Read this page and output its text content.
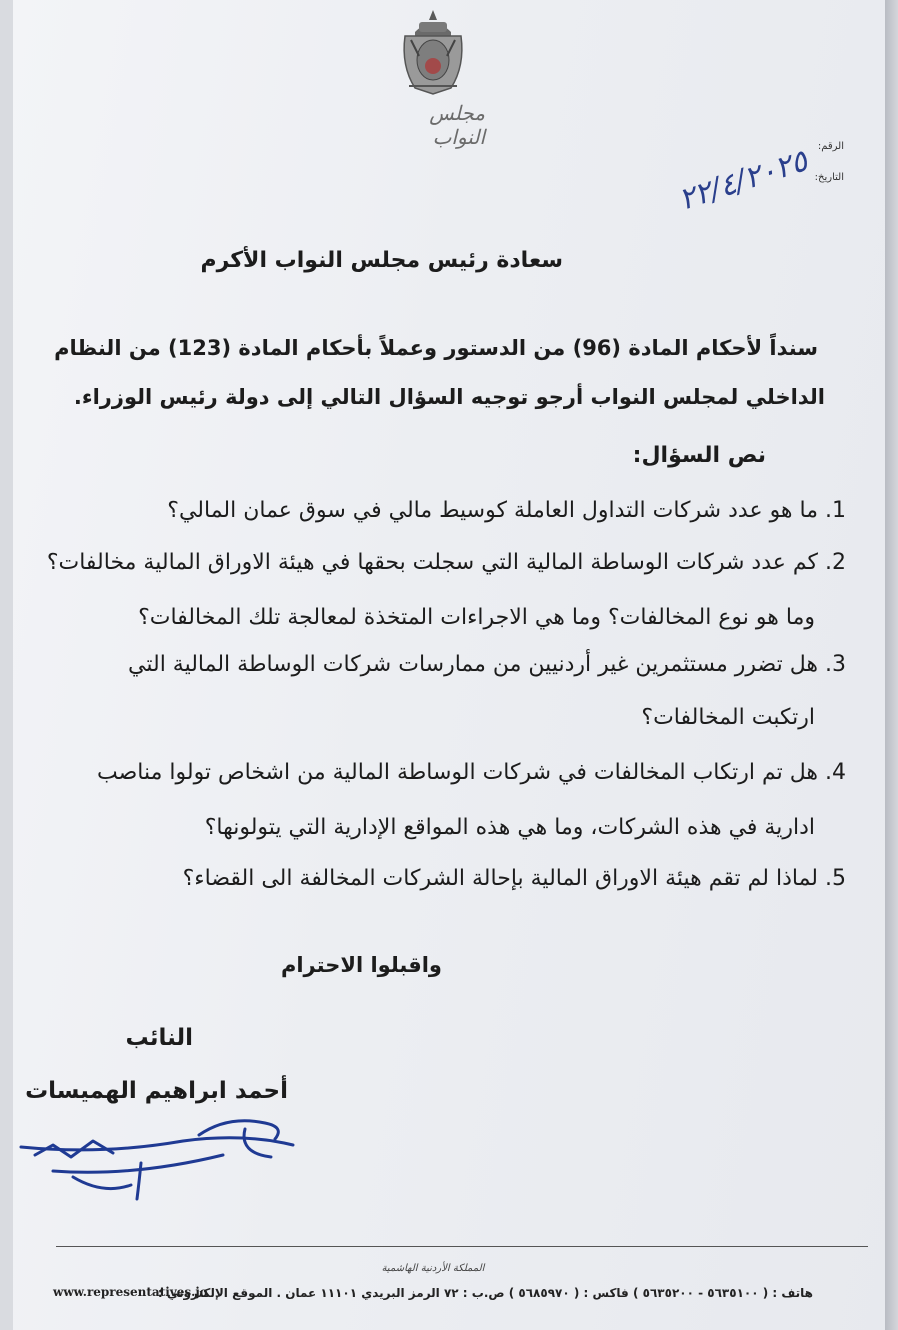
مجلس النواب	الرقم:
التاريخ:
٢٢/٤/٢٠٢٥
سعادة رئيس مجلس النواب الأكرم
سنداً لأحكام المادة (96) من الدستور وعملاً بأحكام المادة (123) من النظام
الداخلي لمجلس النواب أرجو توجيه السؤال التالي إلى دولة رئيس الوزراء.
نص السؤال:
1. ما هو عدد شركات التداول العاملة كوسيط مالي في سوق عمان المالي؟
2. كم عدد شركات الوساطة المالية التي سجلت بحقها في هيئة الاوراق المالية مخالفات؟
وما هو نوع المخالفات؟ وما هي الاجراءات المتخذة لمعالجة تلك المخالفات؟
3. هل تضرر مستثمرين غير أردنيين من ممارسات شركات الوساطة المالية التي
ارتكبت المخالفات؟
4. هل تم ارتكاب المخالفات في شركات الوساطة المالية من اشخاص تولوا مناصب
ادارية في هذه الشركات، وما هي هذه المواقع الإدارية التي يتولونها؟
5. لماذا لم تقم هيئة الاوراق المالية بإحالة الشركات المخالفة الى القضاء؟
واقبلوا الاحترام
النائب
أحمد ابراهيم الهميسات
المملكة الأردنية الهاشمية
هاتف : ( ٥٦٣٥١٠٠ - ٥٦٣٥٢٠٠ ) فاكس : ( ٥٦٨٥٩٧٠ ) ص.ب : ٧٢ الرمز البريدي ١١١٠١ عمان . الموقع الإلكتروني :
www.representatives.jo
